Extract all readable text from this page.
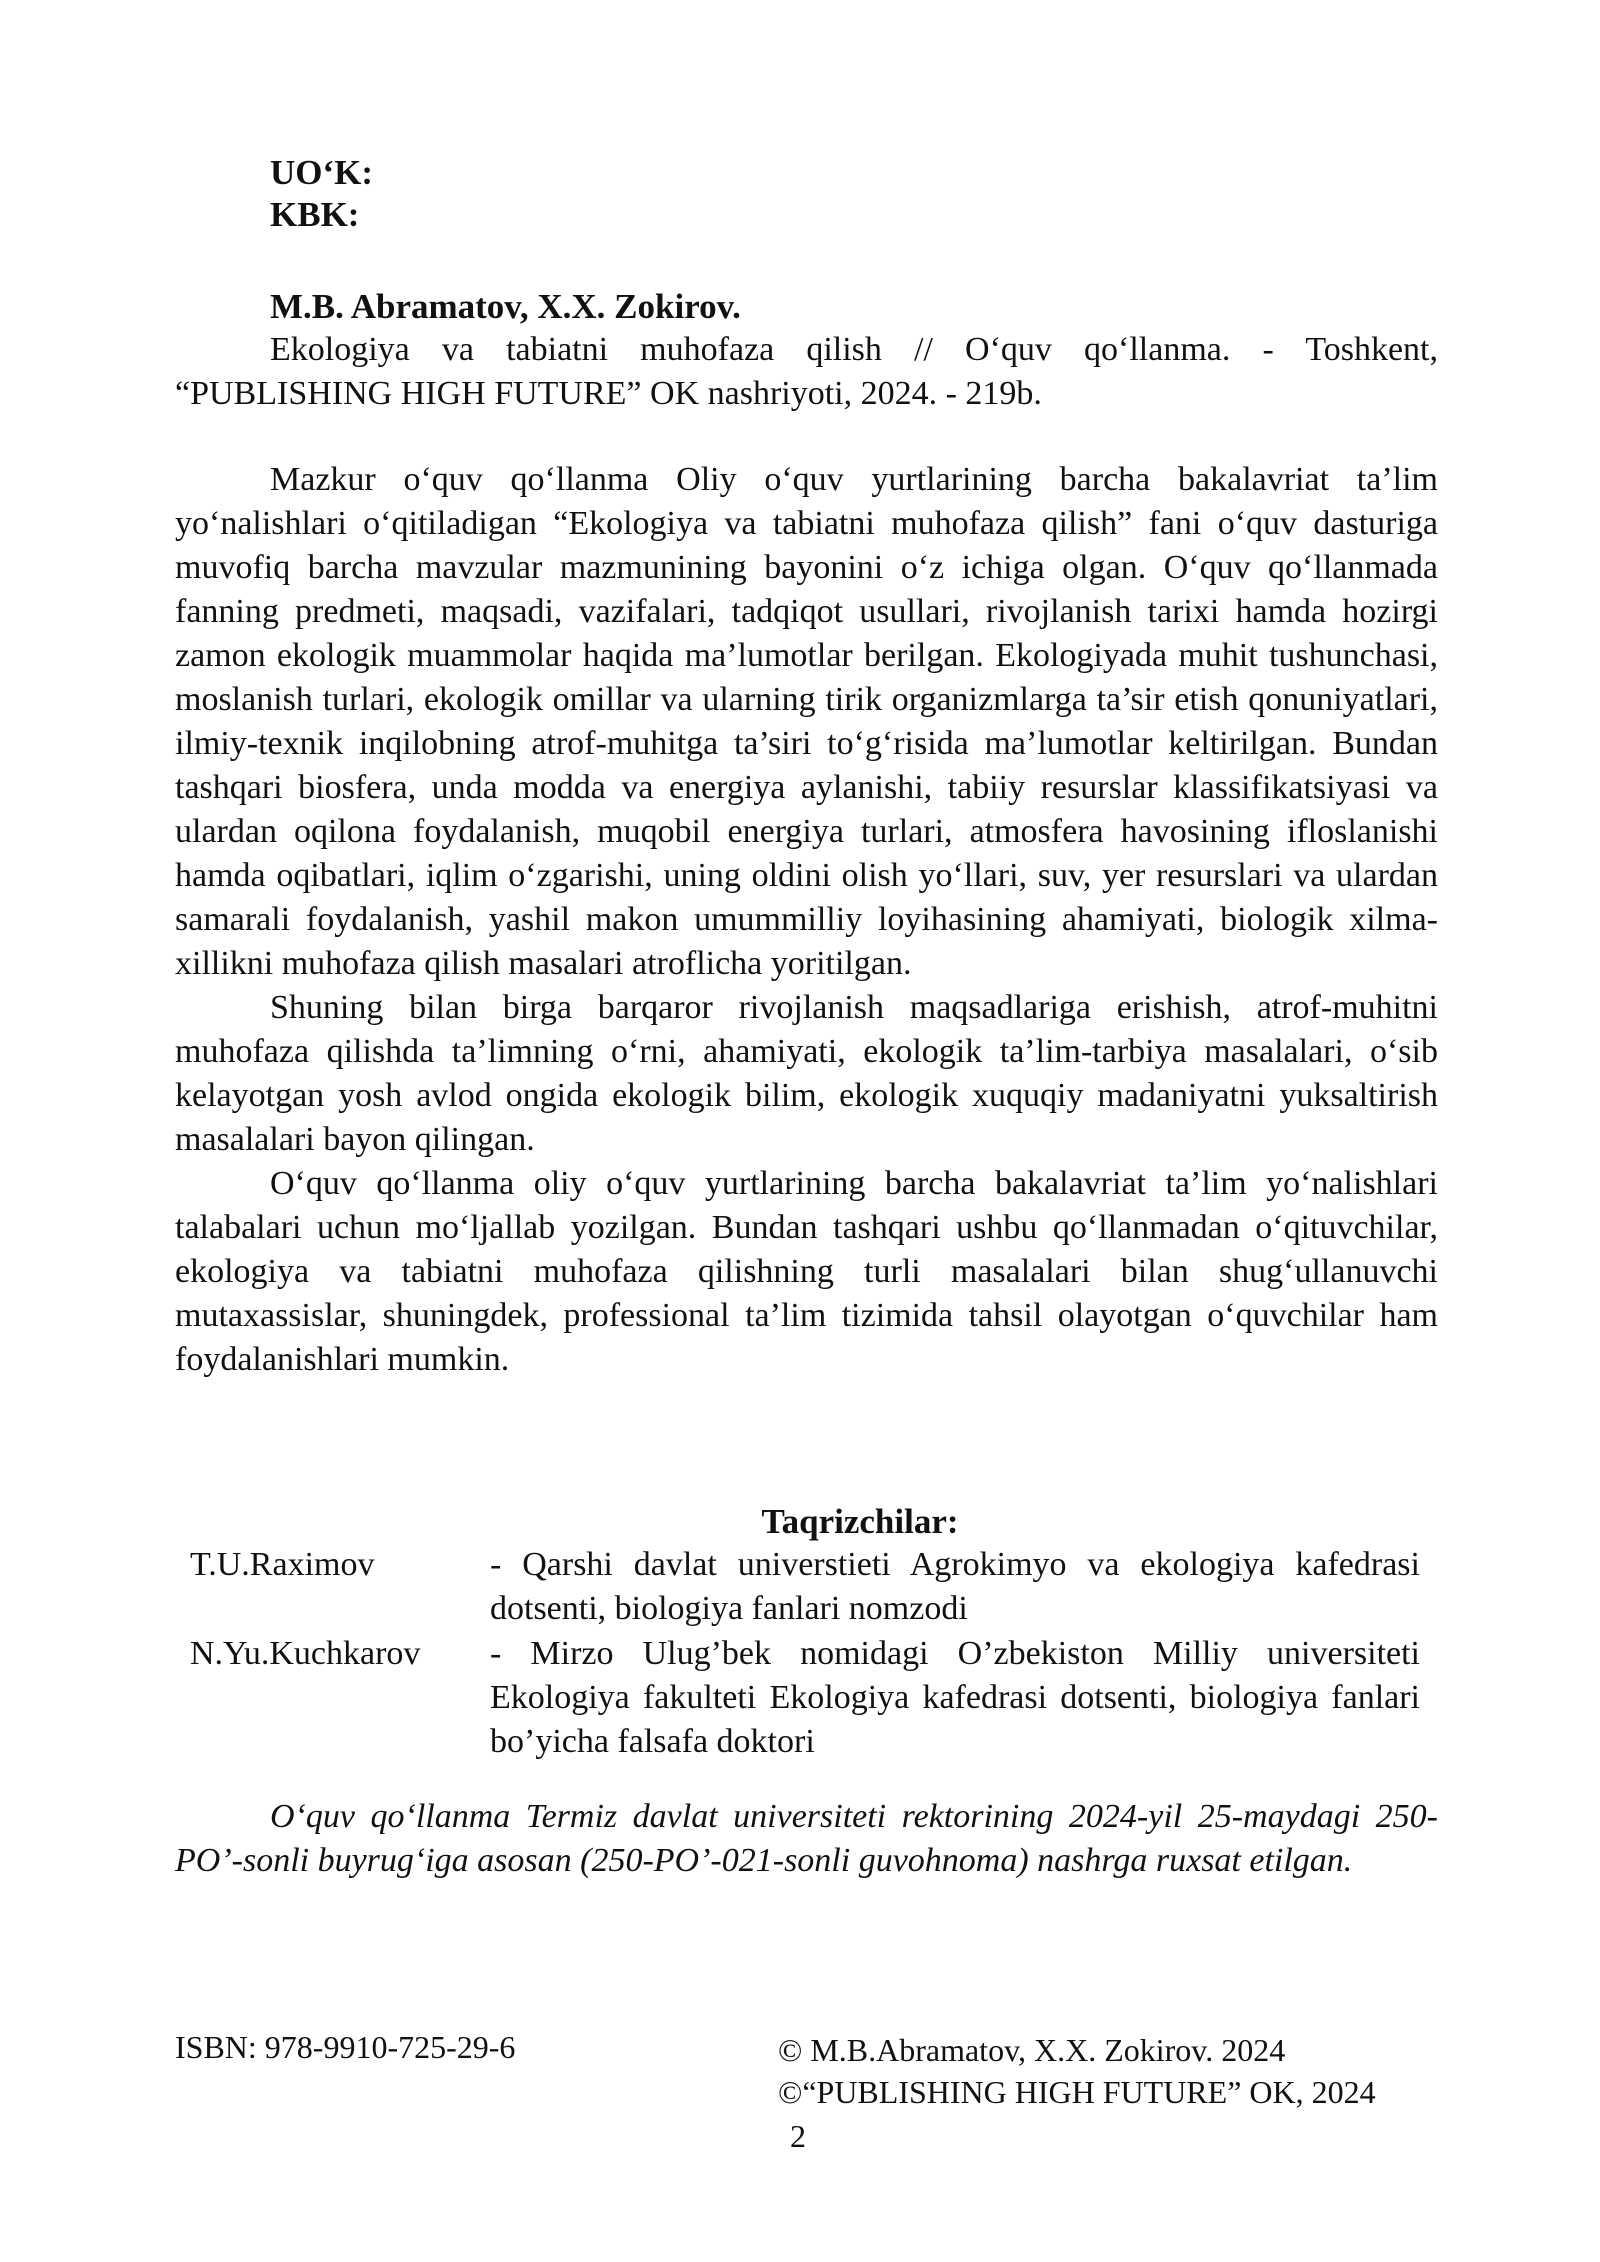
UO‘K:
KBK:
M.B. Abramatov, X.X. Zokirov.

Ekologiya va tabiatni muhofaza qilish // O‘quv qo‘llanma. - Toshkent, “PUBLISHING HIGH FUTURE” OK nashriyoti, 2024. - 219b.

Mazkur o‘quv qo‘llanma Oliy o‘quv yurtlarining barcha bakalavriat ta’lim yo‘nalishlari o‘qitiladigan “Ekologiya va tabiatni muhofaza qilish” fani o‘quv dasturiga muvofiq barcha mavzular mazmunining bayonini o‘z ichiga olgan. O‘quv qo‘llanmada fanning predmeti, maqsadi, vazifalari, tadqiqot usullari, rivojlanish tarixi hamda hozirgi zamon ekologik muammolar haqida ma’lumotlar berilgan. Ekologiyada muhit tushunchasi, moslanish turlari, ekologik omillar va ularning tirik organizmlarga ta’sir etish qonuniyatlari, ilmiy-texnik inqilobning atrof-muhitga ta’siri to‘g‘risida ma’lumotlar keltirilgan. Bundan tashqari biosfera, unda modda va energiya aylanishi, tabiiy resurslar klassifikatsiyasi va ulardan oqilona foydalanish, muqobil energiya turlari, atmosfera havosining ifloslanishi hamda oqibatlari, iqlim o‘zgarishi, uning oldini olish yo‘llari, suv, yer resurslari va ulardan samarali foydalanish, yashil makon umummilliy loyihasining ahamiyati, biologik xilma-xillikni muhofaza qilish masalari atroflicha yoritilgan.

Shuning bilan birga barqaror rivojlanish maqsadlariga erishish, atrof-muhitni muhofaza qilishda ta’limning o‘rni, ahamiyati, ekologik ta’lim-tarbiya masalalari, o‘sib kelayotgan yosh avlod ongida ekologik bilim, ekologik xuquqiy madaniyatni yuksaltirish masalalari bayon qilingan.

O‘quv qo‘llanma oliy o‘quv yurtlarining barcha bakalavriat ta’lim yo‘nalishlari talabalari uchun mo‘ljallab yozilgan. Bundan tashqari ushbu qo‘llanmadan o‘qituvchilar, ekologiya va tabiatni muhofaza qilishning turli masalalari bilan shug‘ullanuvchi mutaxassislar, shuningdek, professional ta’lim tizimida tahsil olayotgan o‘quvchilar ham foydalanishlari mumkin.

Taqrizchilar:
T.U.Raximov	- Qarshi davlat universtieti Agrokimyo va ekologiya kafedrasi dotsenti, biologiya fanlari nomzodi
N.Yu.Kuchkarov - Mirzo Ulug’bek nomidagi O’zbekiston Milliy universiteti Ekologiya fakulteti Ekologiya kafedrasi dotsenti, biologiya fanlari bo’yicha falsafa doktori

O‘quv qo‘llanma Termiz davlat universiteti rektorining 2024-yil 25-maydagi 250-PO’-sonli buyrug‘iga asosan (250-PO’-021-sonli guvohnoma) nashrga ruxsat etilgan.

ISBN: 978-9910-725-29-6	© M.B.Abramatov, X.X. Zokirov. 2024
©“PUBLISHING HIGH FUTURE” OK, 2024
2
